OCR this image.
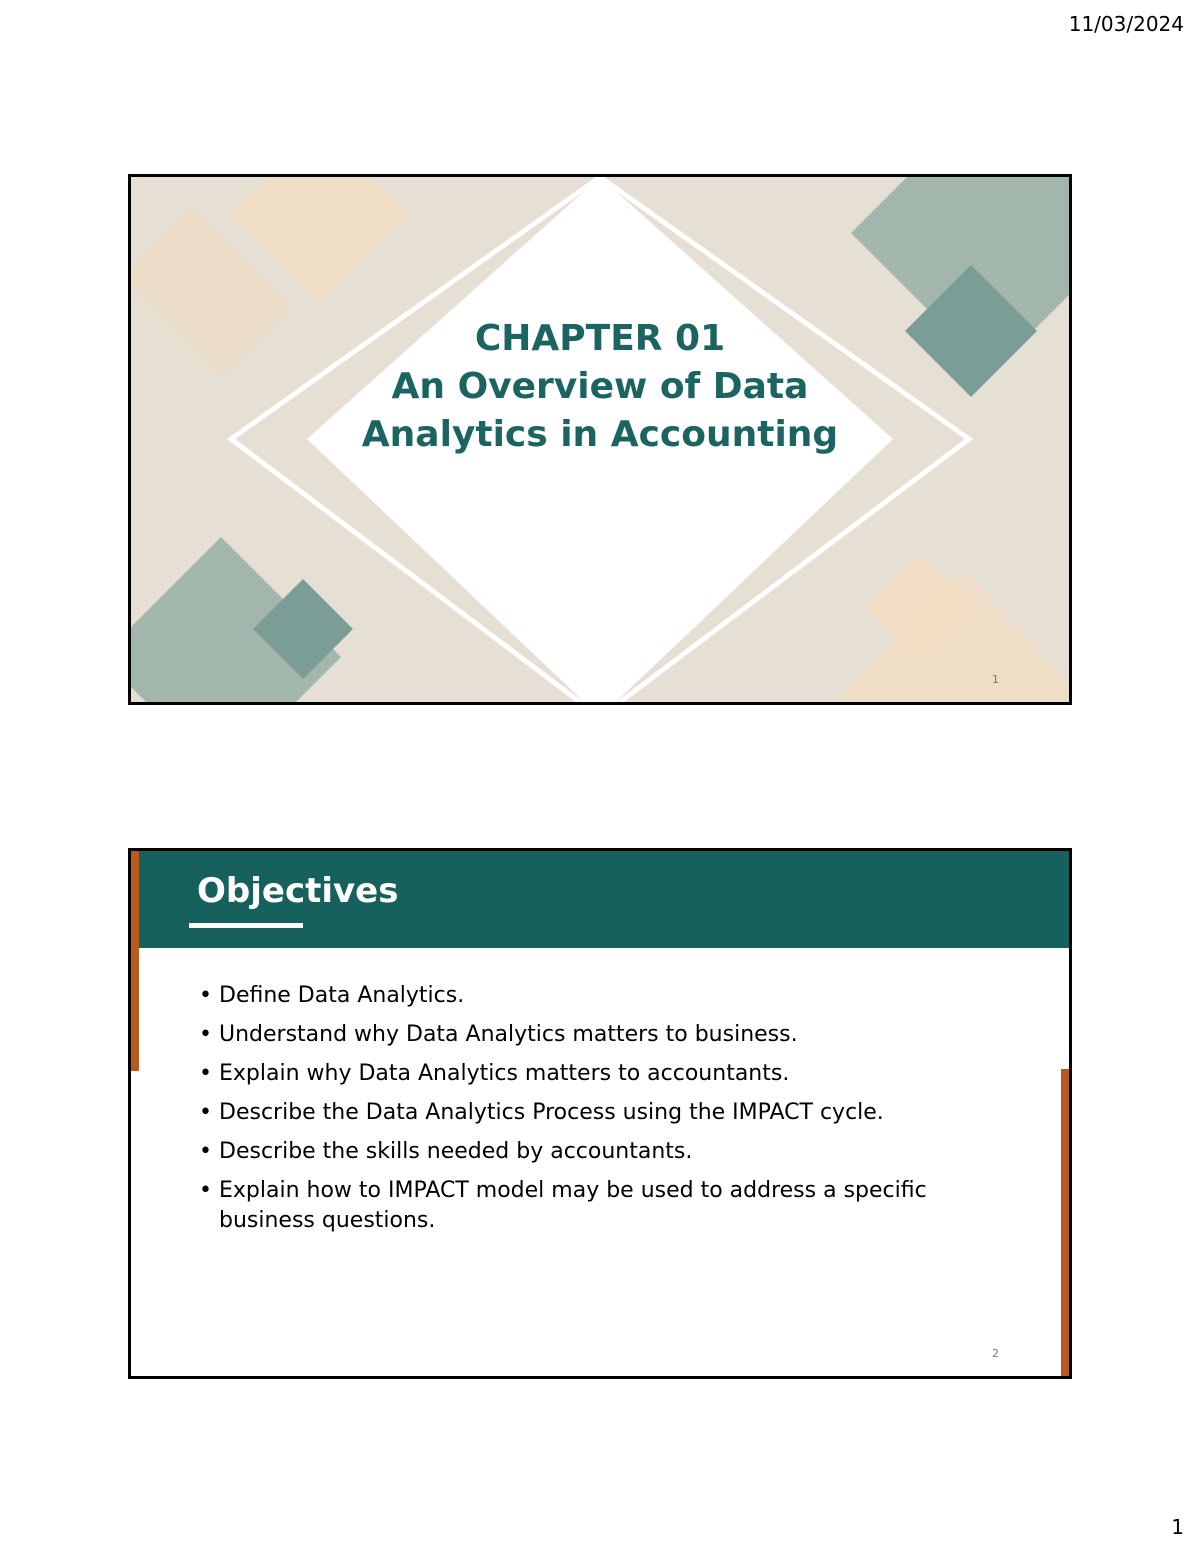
11/03/2024
CHAPTER 01
An Overview of Data
Analytics in Accounting
1
Objectives
• Define Data Analytics.
• Understand why Data Analytics matters to business.
• Explain why Data Analytics matters to accountants.
• Describe the Data Analytics Process using the IMPACT cycle.
• Describe the skills needed by accountants.
• Explain how to IMPACT model may be used to address a specific business questions.
2
1
